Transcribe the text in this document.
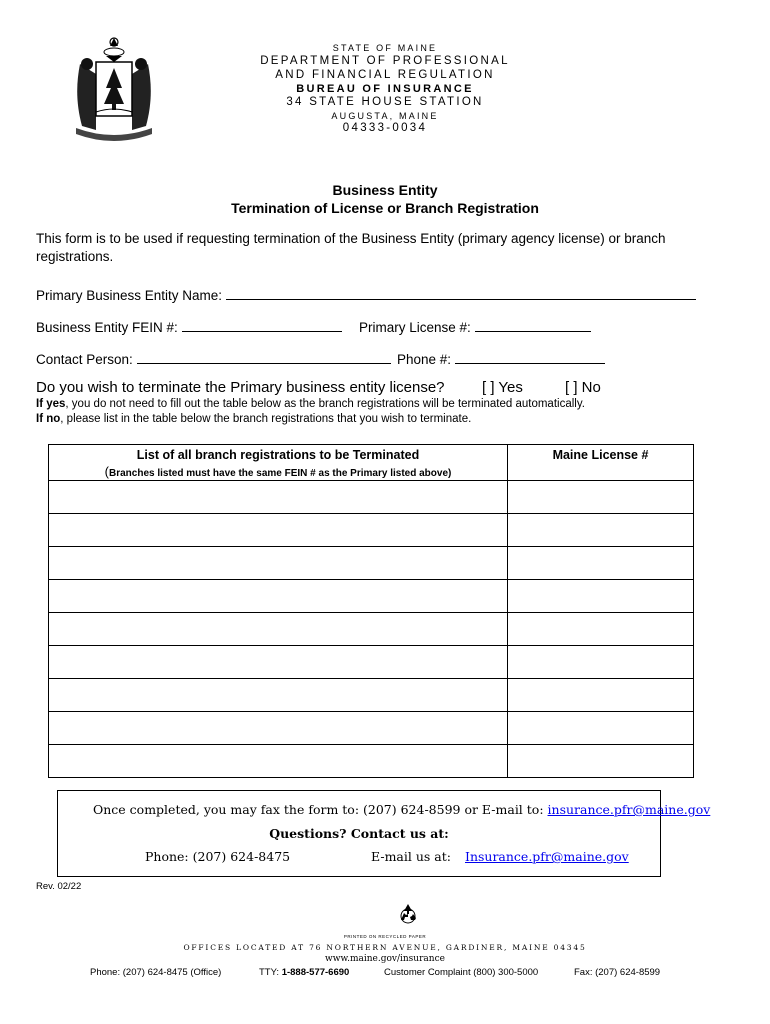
STATE OF MAINE
DEPARTMENT OF PROFESSIONAL
AND FINANCIAL REGULATION
BUREAU OF INSURANCE
34 STATE HOUSE STATION
AUGUSTA, MAINE
04333-0034
Business Entity
Termination of License or Branch Registration
This form is to be used if requesting termination of the Business Entity (primary agency license) or branch registrations.
Primary Business Entity Name:
Business Entity FEIN #:	Primary License #:
Contact Person:	Phone #:
Do you wish to terminate the Primary business entity license? [ ] Yes	[ ] No
If yes, you do not need to fill out the table below as the branch registrations will be terminated automatically.
If no, please list in the table below the branch registrations that you wish to terminate.
List of all branch registrations to be Terminated
(Branches listed must have the same FEIN # as the Primary listed above)	Maine License #

Once completed, you may fax the form to: (207) 624-8599 or E-mail to: insurance.pfr@maine.gov
Questions? Contact us at:
Phone: (207) 624-8475	E-mail us at: Insurance.pfr@maine.gov
Rev. 02/22
PRINTED ON RECYCLED PAPER
OFFICES LOCATED AT 76 NORTHERN AVENUE, GARDINER, MAINE 04345
www.maine.gov/insurance
Phone: (207) 624-8475 (Office)	TTY: 1-888-577-6690	Customer Complaint (800) 300-5000	Fax: (207) 624-8599
